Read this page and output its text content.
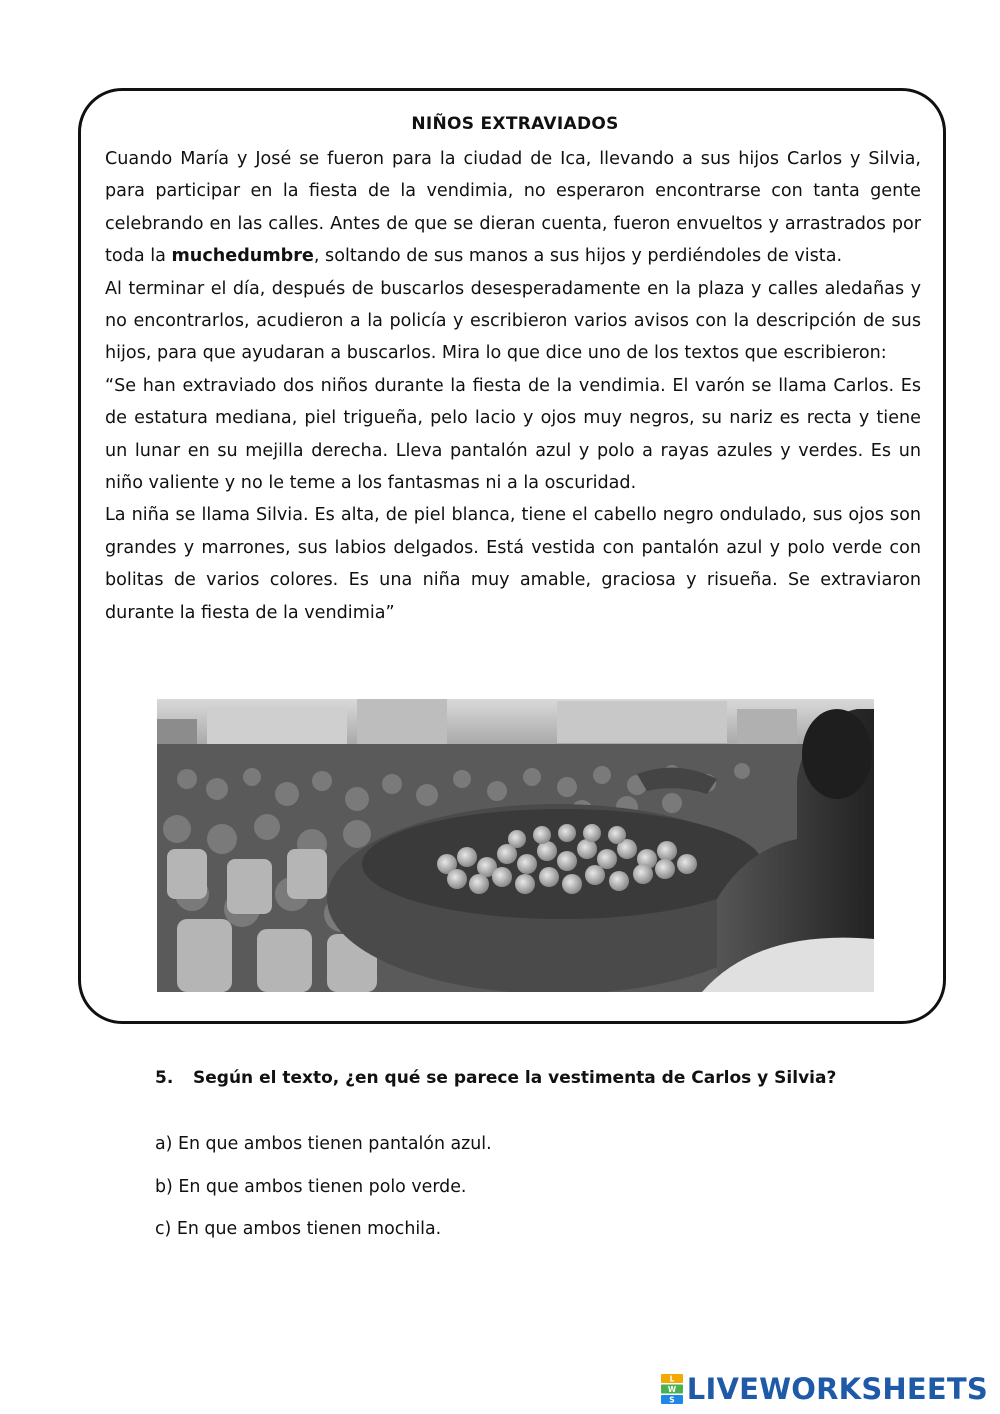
NIÑOS EXTRAVIADOS

Cuando María y José se fueron para la ciudad de Ica, llevando a sus hijos Carlos y Silvia, para participar en la fiesta de la vendimia, no esperaron encontrarse con tanta gente celebrando en las calles. Antes de que se dieran cuenta, fueron envueltos y arrastrados por toda la muchedumbre, soltando de sus manos a sus hijos y perdiéndoles de vista.

Al terminar el día, después de buscarlos desesperadamente en la plaza y calles aledañas y no encontrarlos, acudieron a la policía y escribieron varios avisos con la descripción de sus hijos, para que ayudaran a buscarlos. Mira lo que dice uno de los textos que escribieron:

“Se han extraviado dos niños durante la fiesta de la vendimia. El varón se llama Carlos. Es de estatura mediana, piel trigueña, pelo lacio y ojos muy negros, su nariz es recta y tiene un lunar en su mejilla derecha. Lleva pantalón azul y polo a rayas azules y verdes. Es un niño valiente y no le teme a los fantasmas ni a la oscuridad.

La niña se llama Silvia. Es alta, de piel blanca, tiene el cabello negro ondulado, sus ojos son grandes y marrones, sus labios delgados. Está vestida con pantalón azul y polo verde con bolitas de varios colores. Es una niña muy amable, graciosa y risueña. Se extraviaron durante la fiesta de la vendimia”

5. Según el texto, ¿en qué se parece la vestimenta de Carlos y Silvia?
a) En que ambos tienen pantalón azul.
b) En que ambos tienen polo verde.
c) En que ambos tienen mochila.
L
W
S LIVEWORKSHEETS
